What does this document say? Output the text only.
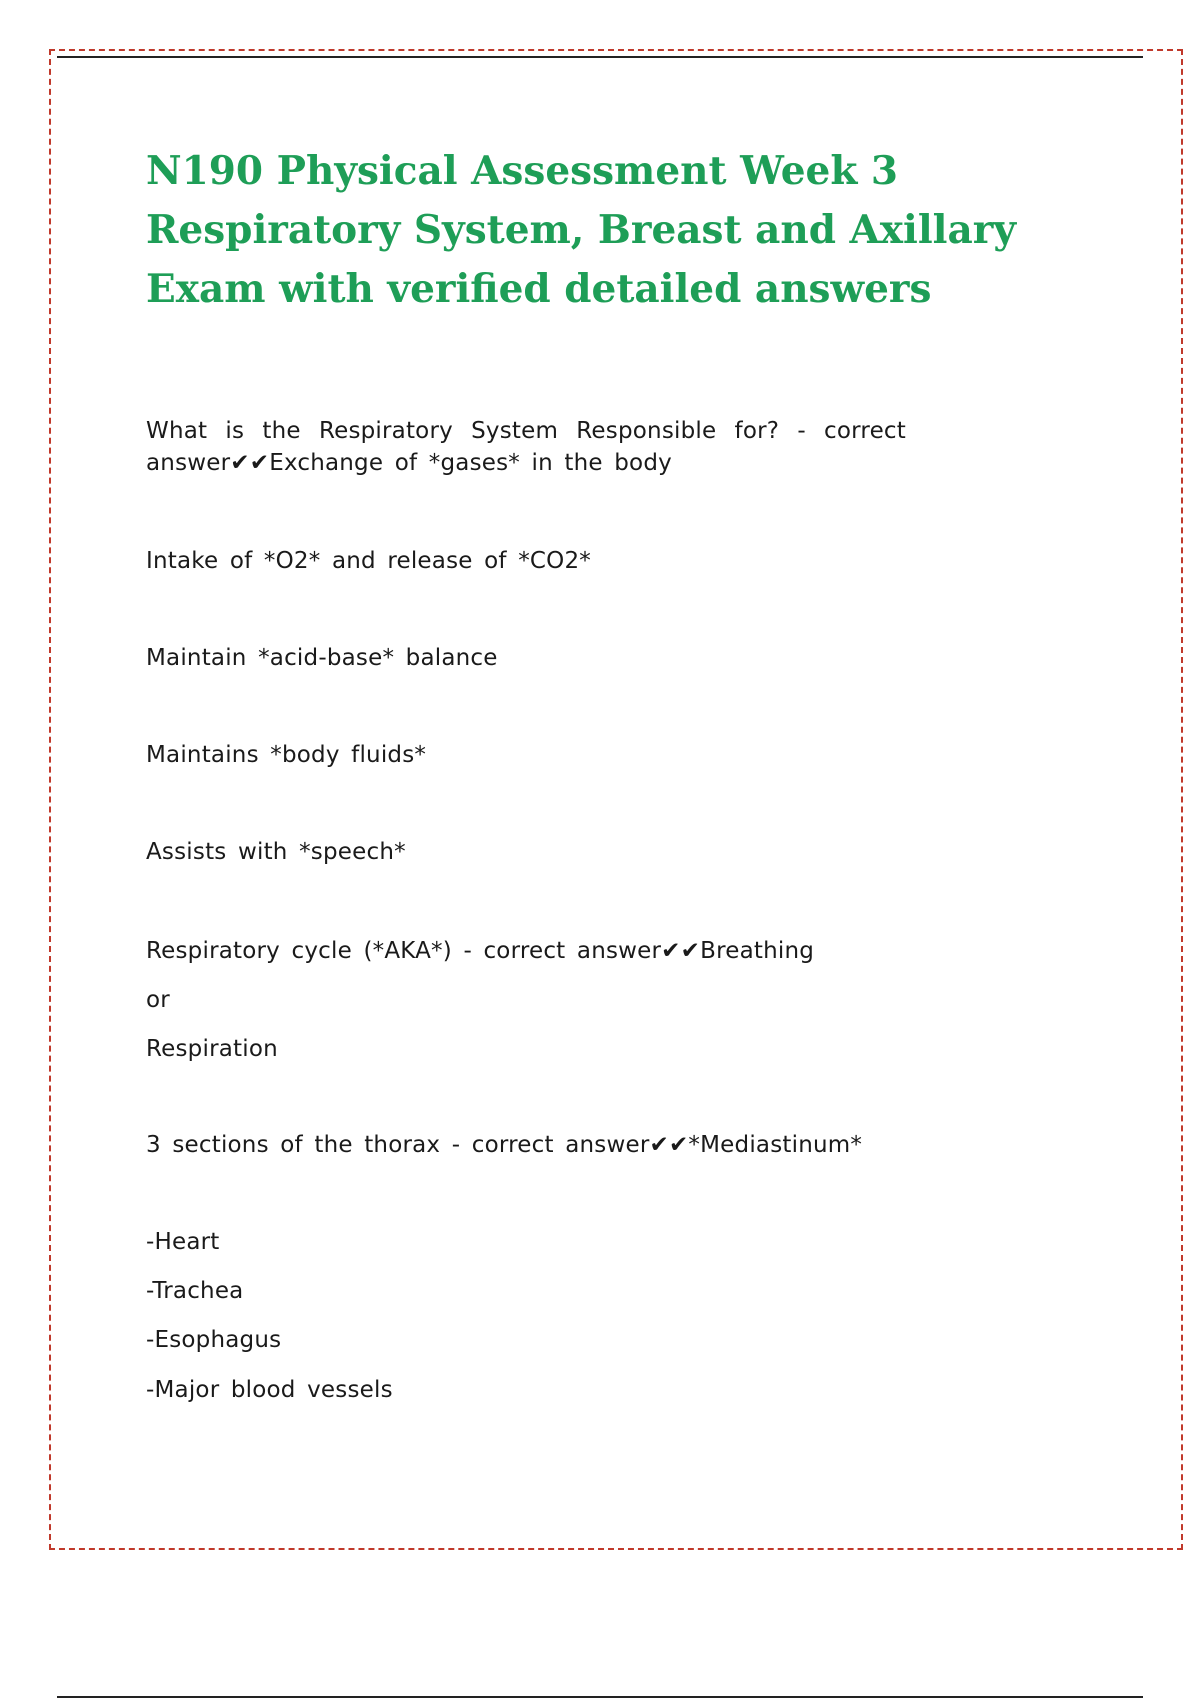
N190 Physical Assessment Week 3 Respiratory System, Breast and Axillary Exam with verified detailed answers

What is the Respiratory System Responsible for? - correct answer✔✔Exchange of *gases* in the body

Intake of *O2* and release of *CO2*

Maintain *acid-base* balance

Maintains *body fluids*

Assists with *speech*

Respiratory cycle (*AKA*) - correct answer✔✔Breathing

or

Respiration

3 sections of the thorax - correct answer✔✔*Mediastinum*

-Heart

-Trachea

-Esophagus

-Major blood vessels
